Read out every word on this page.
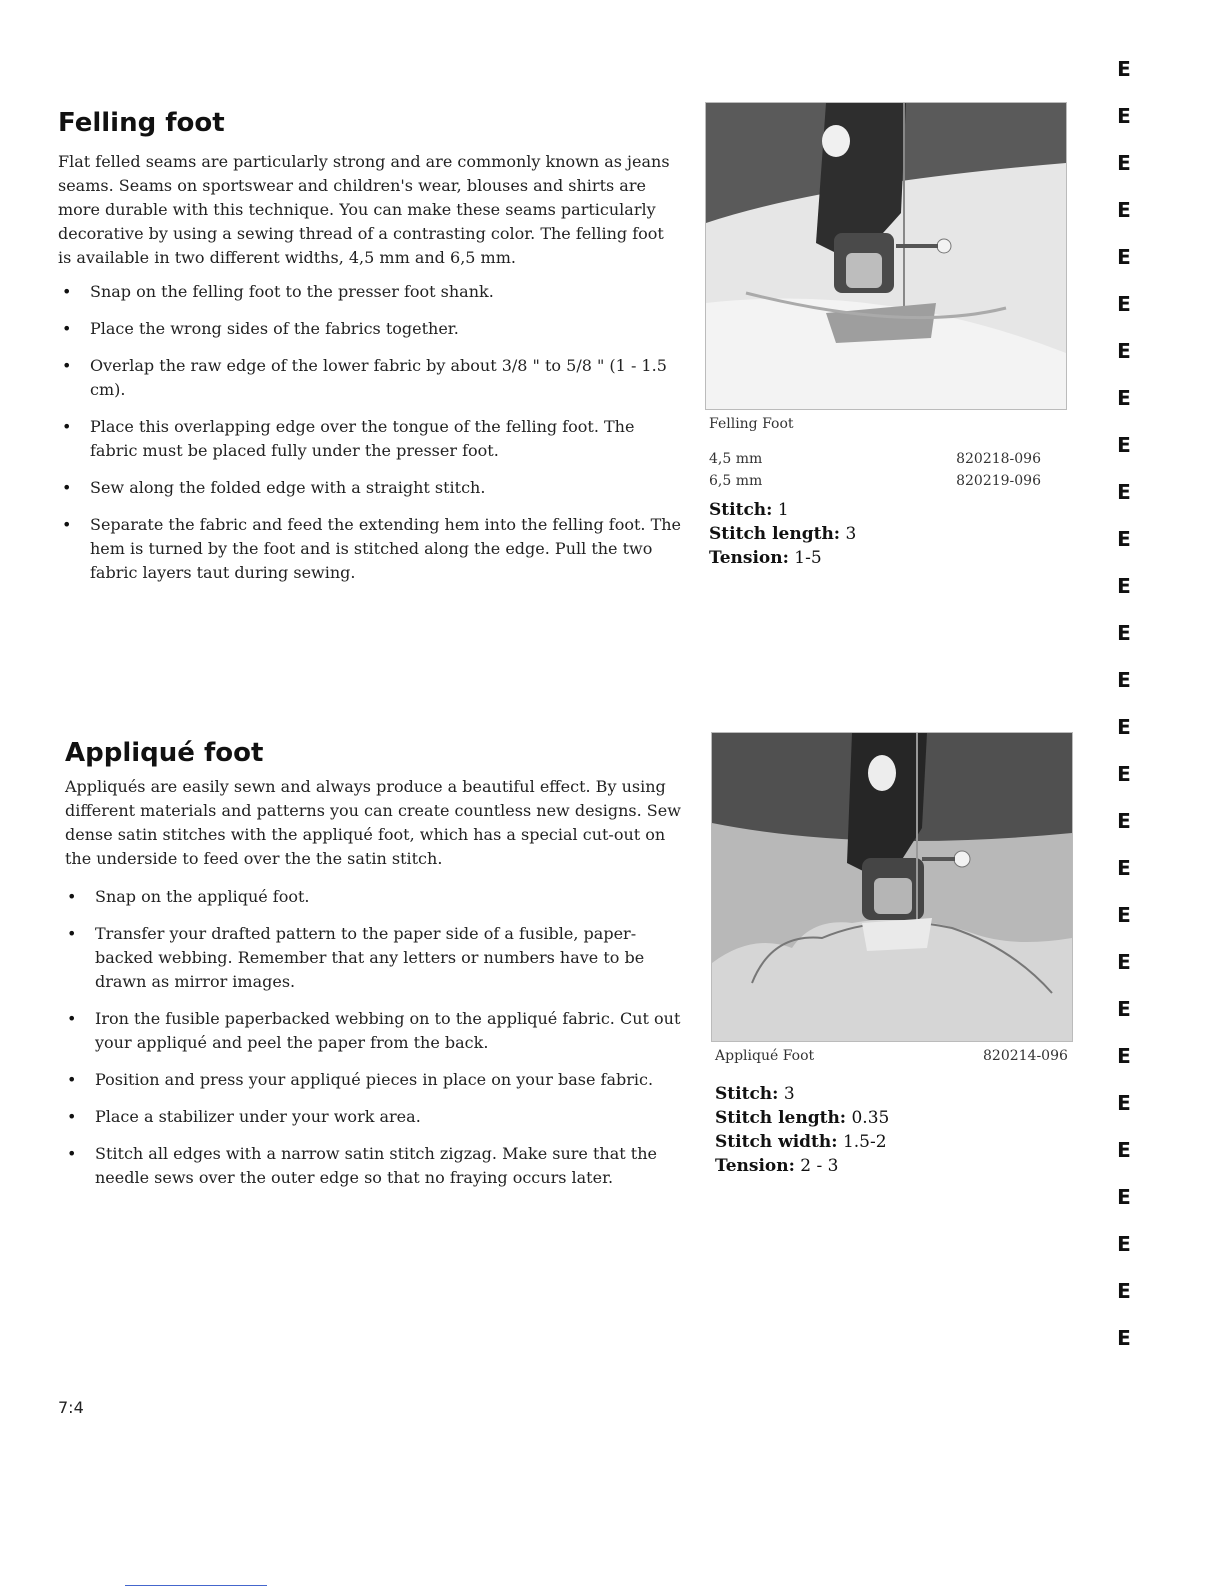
Felling foot

Flat felled seams are particularly strong and are commonly known as jeans seams. Seams on sportswear and children's wear, blouses and shirts are more durable with this technique. You can make these seams particularly decorative by using a sewing thread of a contrasting color. The felling foot is available in two different widths, 4,5 mm and 6,5 mm.

• Snap on the felling foot to the presser foot shank.
• Place the wrong sides of the fabrics together.
• Overlap the raw edge of the lower fabric by about 3/8 " to 5/8 " (1 - 1.5 cm).
• Place this overlapping edge over the tongue of the felling foot. The fabric must be placed fully under the presser foot.
• Sew along the folded edge with a straight stitch.
• Separate the fabric and feed the extending hem into the felling foot. The hem is turned by the foot and is stitched along the edge. Pull the two fabric layers taut during sewing.

Felling Foot

4,5 mm	820218-096
6,5 mm	820219-096
Stitch: 1
Stitch length: 3
Tension: 1-5
Appliqué foot

Appliqués are easily sewn and always produce a beautiful effect. By using different materials and patterns you can create countless new designs. Sew dense satin stitches with the appliqué foot, which has a special cut-out on the underside to feed over the the satin stitch.

• Snap on the appliqué foot.
• Transfer your drafted pattern to the paper side of a fusible, paper-backed webbing. Remember that any letters or numbers have to be drawn as mirror images.
• Iron the fusible paperbacked webbing on to the appliqué fabric. Cut out your appliqué and peel the paper from the back.
• Position and press your appliqué pieces in place on your base fabric.
• Place a stabilizer under your work area.
• Stitch all edges with a narrow satin stitch zigzag. Make sure that the needle sews over the outer edge so that no fraying occurs later.

Appliqué Foot	820214-096

Stitch: 3
Stitch length: 0.35
Stitch width: 1.5-2
Tension: 2 - 3
7:4
E
E
E
E
E
E
E
E
E
E
E
E
E
E
E
E
E
E
E
E
E
E
E
E
E
E
E
E
